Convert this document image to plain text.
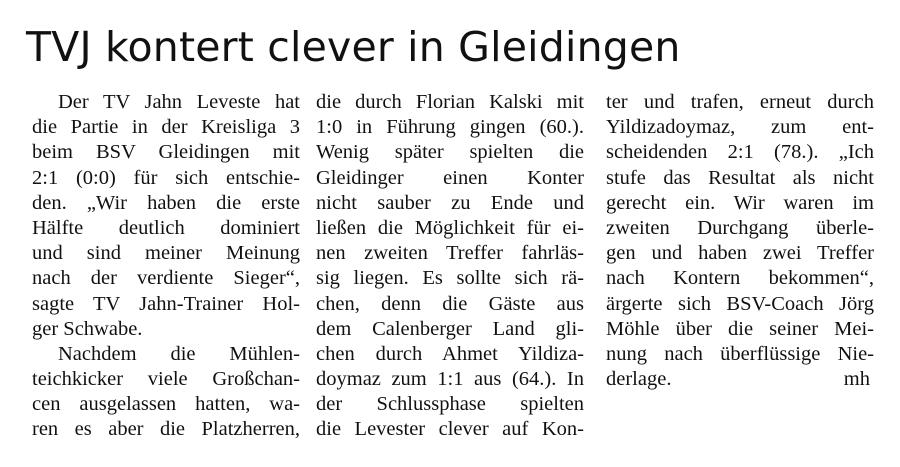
TVJ kontert clever in Gleidingen
Der TV Jahn Leveste hat
die Partie in der Kreisliga 3
beim BSV Gleidingen mit
2:1 (0:0) für sich entschie-
den. „Wir haben die erste
Hälfte deutlich dominiert
und sind meiner Meinung
nach der verdiente Sieger“,
sagte TV Jahn-Trainer Hol-
ger Schwabe.
Nachdem die Mühlen-
teichkicker viele Großchan-
cen ausgelassen hatten, wa-
ren es aber die Platzherren,
die durch Florian Kalski mit
1:0 in Führung gingen (60.).
Wenig später spielten die
Gleidinger einen Konter
nicht sauber zu Ende und
ließen die Möglichkeit für ei-
nen zweiten Treffer fahrläs-
sig liegen. Es sollte sich rä-
chen, denn die Gäste aus
dem Calenberger Land gli-
chen durch Ahmet Yildiza-
doymaz zum 1:1 aus (64.). In
der Schlussphase spielten
die Levester clever auf Kon-
ter und trafen, erneut durch
Yildizadoymaz, zum ent-
scheidenden 2:1 (78.). „Ich
stufe das Resultat als nicht
gerecht ein. Wir waren im
zweiten Durchgang überle-
gen und haben zwei Treffer
nach Kontern bekommen“,
ärgerte sich BSV-Coach Jörg
Möhle über die seiner Mei-
nung nach überflüssige Nie-
derlage.	mh
